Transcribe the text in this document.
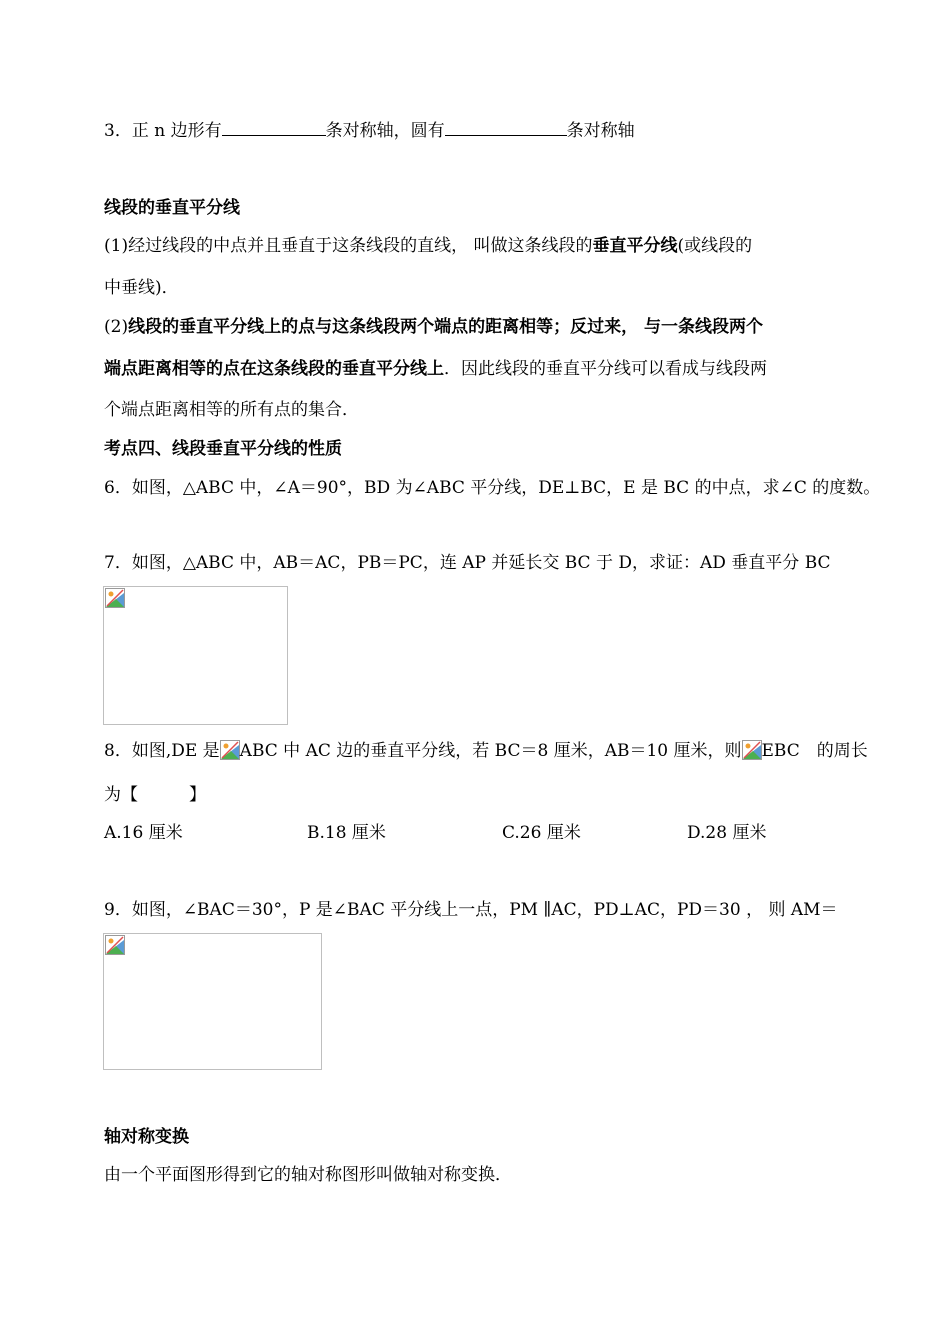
3．正 n 边形有	条对称轴，圆有	条对称轴
线段的垂直平分线
(1)经过线段的中点并且垂直于这条线段的直线， 叫做这条线段的垂直平分线(或线段的
中垂线)．
(2)线段的垂直平分线上的点与这条线段两个端点的距离相等；反过来， 与一条线段两个
端点距离相等的点在这条线段的垂直平分线上．因此线段的垂直平分线可以看成与线段两
个端点距离相等的所有点的集合．
考点四、线段垂直平分线的性质
6．如图，△ABC 中，∠A＝90°，BD 为∠ABC 平分线，DE⊥BC，E 是 BC 的中点，求∠C 的度数。
7．如图，△ABC 中，AB＝AC，PB＝PC，连 AP 并延长交 BC 于 D，求证：AD 垂直平分 BC
8．如图,DE 是 ABC 中 AC 边的垂直平分线，若 BC＝8 厘米，AB＝10 厘米，则 EBC　的周长
为【　　　】
A.16 厘米	B.18 厘米	C.26 厘米	D.28 厘米
9．如图，∠BAC＝30°，P 是∠BAC 平分线上一点，PM ∥AC，PD⊥AC，PD＝30 ， 则 AM＝
轴对称变换
由一个平面图形得到它的轴对称图形叫做轴对称变换．
